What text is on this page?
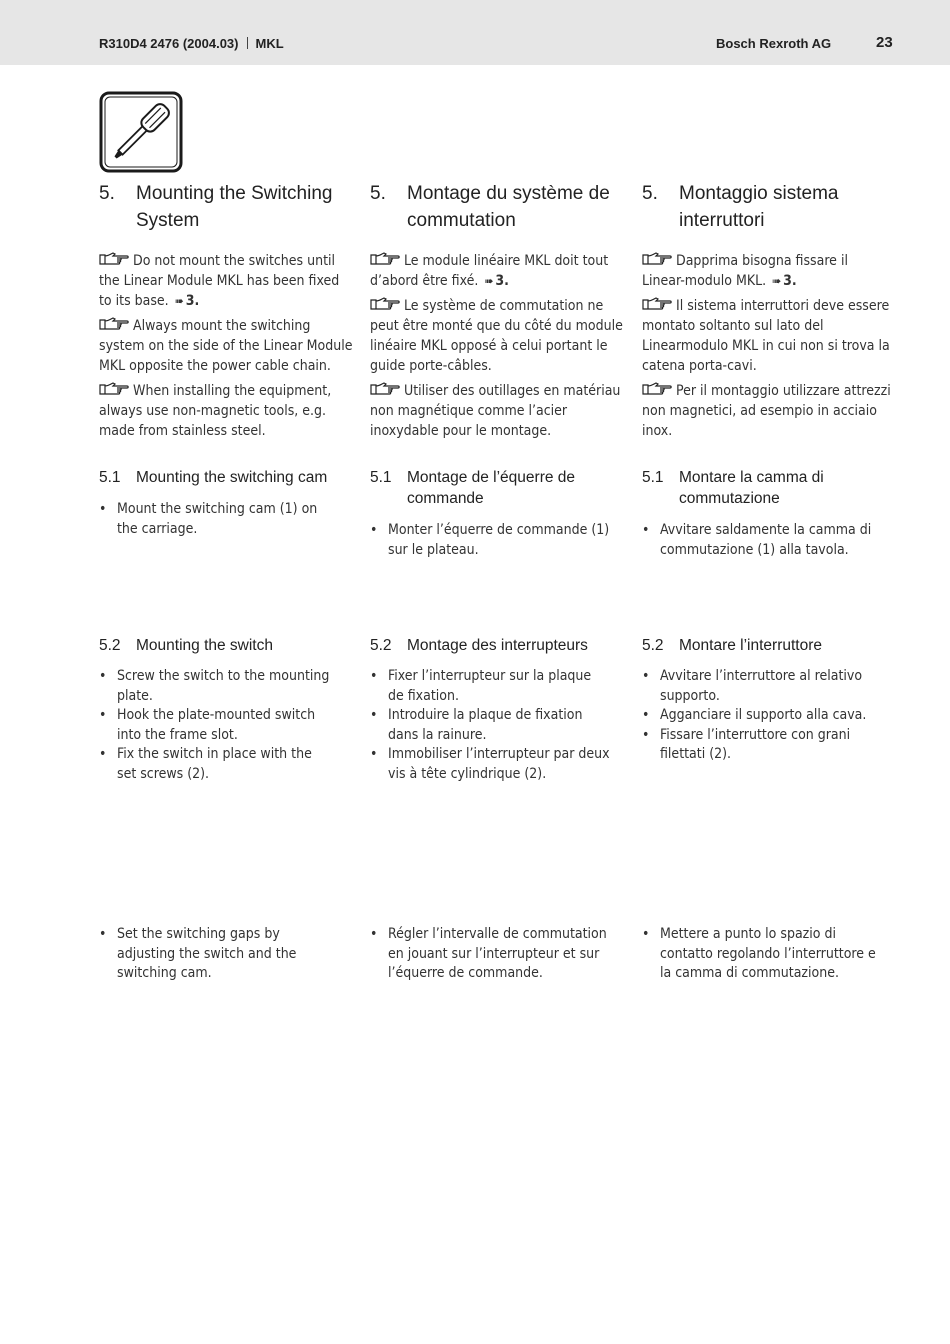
R310D4 2476 (2004.03) MKL	Bosch Rexroth AG	23
5.	Mounting the Switching System

Do not mount the switches until the Linear Module MKL has been fixed to its base. ➠ 3.

Always mount the switching system on the side of the Linear Module MKL opposite the power cable chain.

When installing the equipment, always use non-magnetic tools, e.g. made from stainless steel.

5.1 Mounting the switching cam
• Mount the switching cam (1) on the carriage.
5.2 Mounting the switch
• Screw the switch to the mounting plate.
• Hook the plate-mounted switch into the frame slot.
• Fix the switch in place with the set screws (2).
• Set the switching gaps by adjusting the switch and the switching cam.
5.	Montage du système de commutation

Le module linéaire MKL doit tout d’abord être fixé. ➠ 3.

Le système de commutation ne peut être monté que du côté du module linéaire MKL opposé à celui portant le guide porte-câbles.

Utiliser des outillages en matériau non magnétique comme l’acier inoxydable pour le montage.

5.1 Montage de l’équerre de commande
• Monter l’équerre de commande (1) sur le plateau.
5.2 Montage des interrupteurs
• Fixer l’interrupteur sur la plaque de fixation.
• Introduire la plaque de fixation dans la rainure.
• Immobiliser l’interrupteur par deux vis à tête cylindrique (2).
• Régler l’intervalle de commutation en jouant sur l’interrupteur et sur l’équerre de commande.
5.	Montaggio sistema interruttori

Dapprima bisogna fissare il Linear-modulo MKL. ➠ 3.

Il sistema interruttori deve essere montato soltanto sul lato del Linearmodulo MKL in cui non si trova la catena porta-cavi.

Per il montaggio utilizzare attrezzi non magnetici, ad esempio in acciaio inox.

5.1 Montare la camma di commutazione
• Avvitare saldamente la camma di commutazione (1) alla tavola.
5.2 Montare l’interruttore
• Avvitare l’interruttore al relativo supporto.
• Agganciare il supporto alla cava.
• Fissare l’interruttore con grani filettati (2).
• Mettere a punto lo spazio di contatto regolando l’interruttore e la camma di commutazione.
